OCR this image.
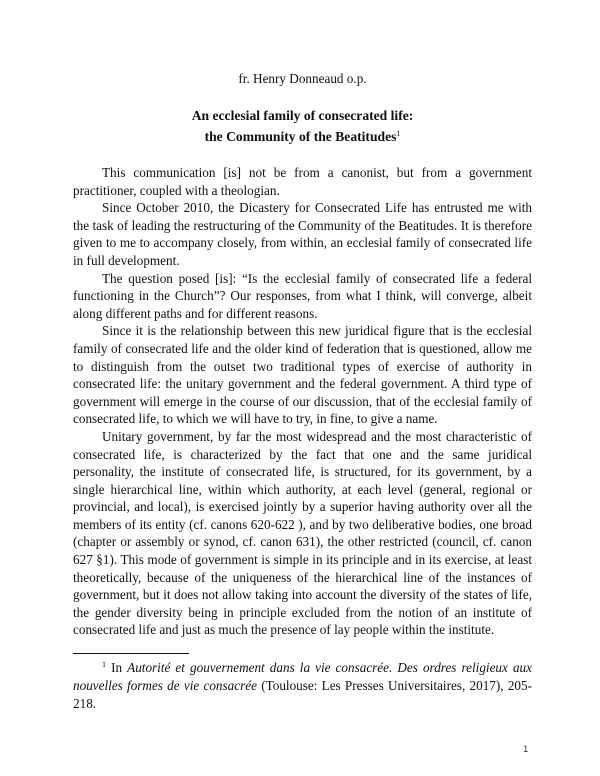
fr. Henry Donneaud o.p.
An ecclesial family of consecrated life:
the Community of the Beatitudes$^1$

This communication [is] not be from a canonist, but from a government practitioner, coupled with a theologian.

Since October 2010, the Dicastery for Consecrated Life has entrusted me with the task of leading the restructuring of the Community of the Beatitudes. It is therefore given to me to accompany closely, from within, an ecclesial family of consecrated life in full development.

The question posed [is]: “Is the ecclesial family of consecrated life a federal functioning in the Church”? Our responses, from what I think, will converge, albeit along different paths and for different reasons.

Since it is the relationship between this new juridical figure that is the ecclesial family of consecrated life and the older kind of federation that is questioned, allow me to distinguish from the outset two traditional types of exercise of authority in consecrated life: the unitary government and the federal government. A third type of government will emerge in the course of our discussion, that of the ecclesial family of consecrated life, to which we will have to try, in fine, to give a name.

Unitary government, by far the most widespread and the most characteristic of consecrated life, is characterized by the fact that one and the same juridical personality, the institute of consecrated life, is structured, for its government, by a single hierarchical line, within which authority, at each level (general, regional or provincial, and local), is exercised jointly by a superior having authority over all the members of its entity (cf. canons 620-622 ), and by two deliberative bodies, one broad (chapter or assembly or synod, cf. canon 631), the other restricted (council, cf. canon 627 §1). This mode of government is simple in its principle and in its exercise, at least theoretically, because of the uniqueness of the hierarchical line of the instances of government, but it does not allow taking into account the diversity of the states of life, the gender diversity being in principle excluded from the notion of an institute of consecrated life and just as much the presence of lay people within the institute.

$^1$ In Autorité et gouvernement dans la vie consacrée. Des ordres religieux aux nouvelles formes de vie consacrée (Toulouse: Les Presses Universitaires, 2017), 205-218.
1
